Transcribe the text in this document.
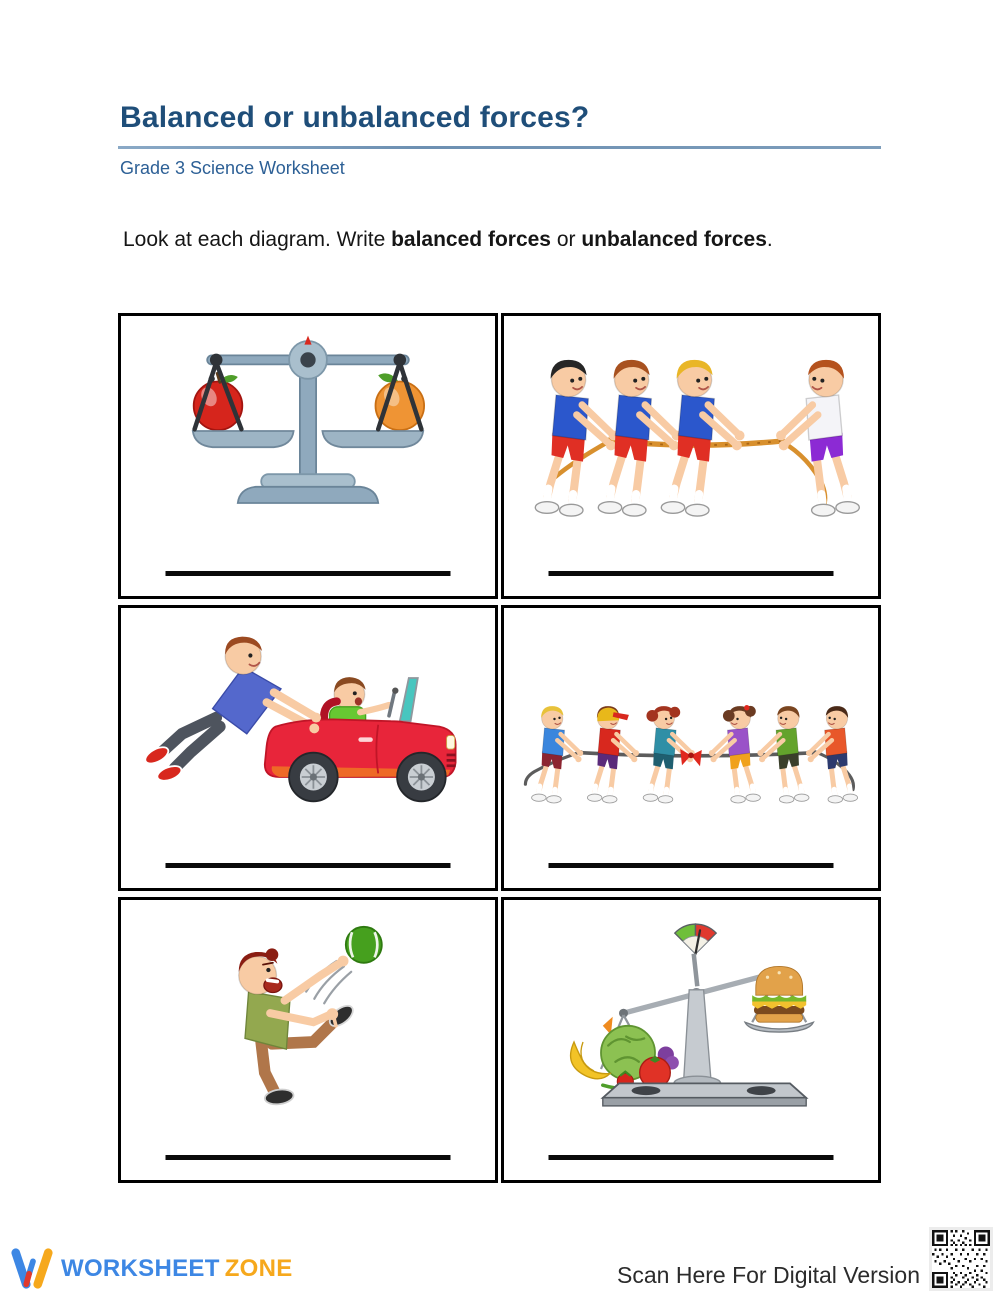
Balanced or unbalanced forces?
Grade 3 Science Worksheet
Look at each diagram. Write balanced forces or unbalanced forces.
WORKSHEET ZONE	Scan Here For Digital Version
